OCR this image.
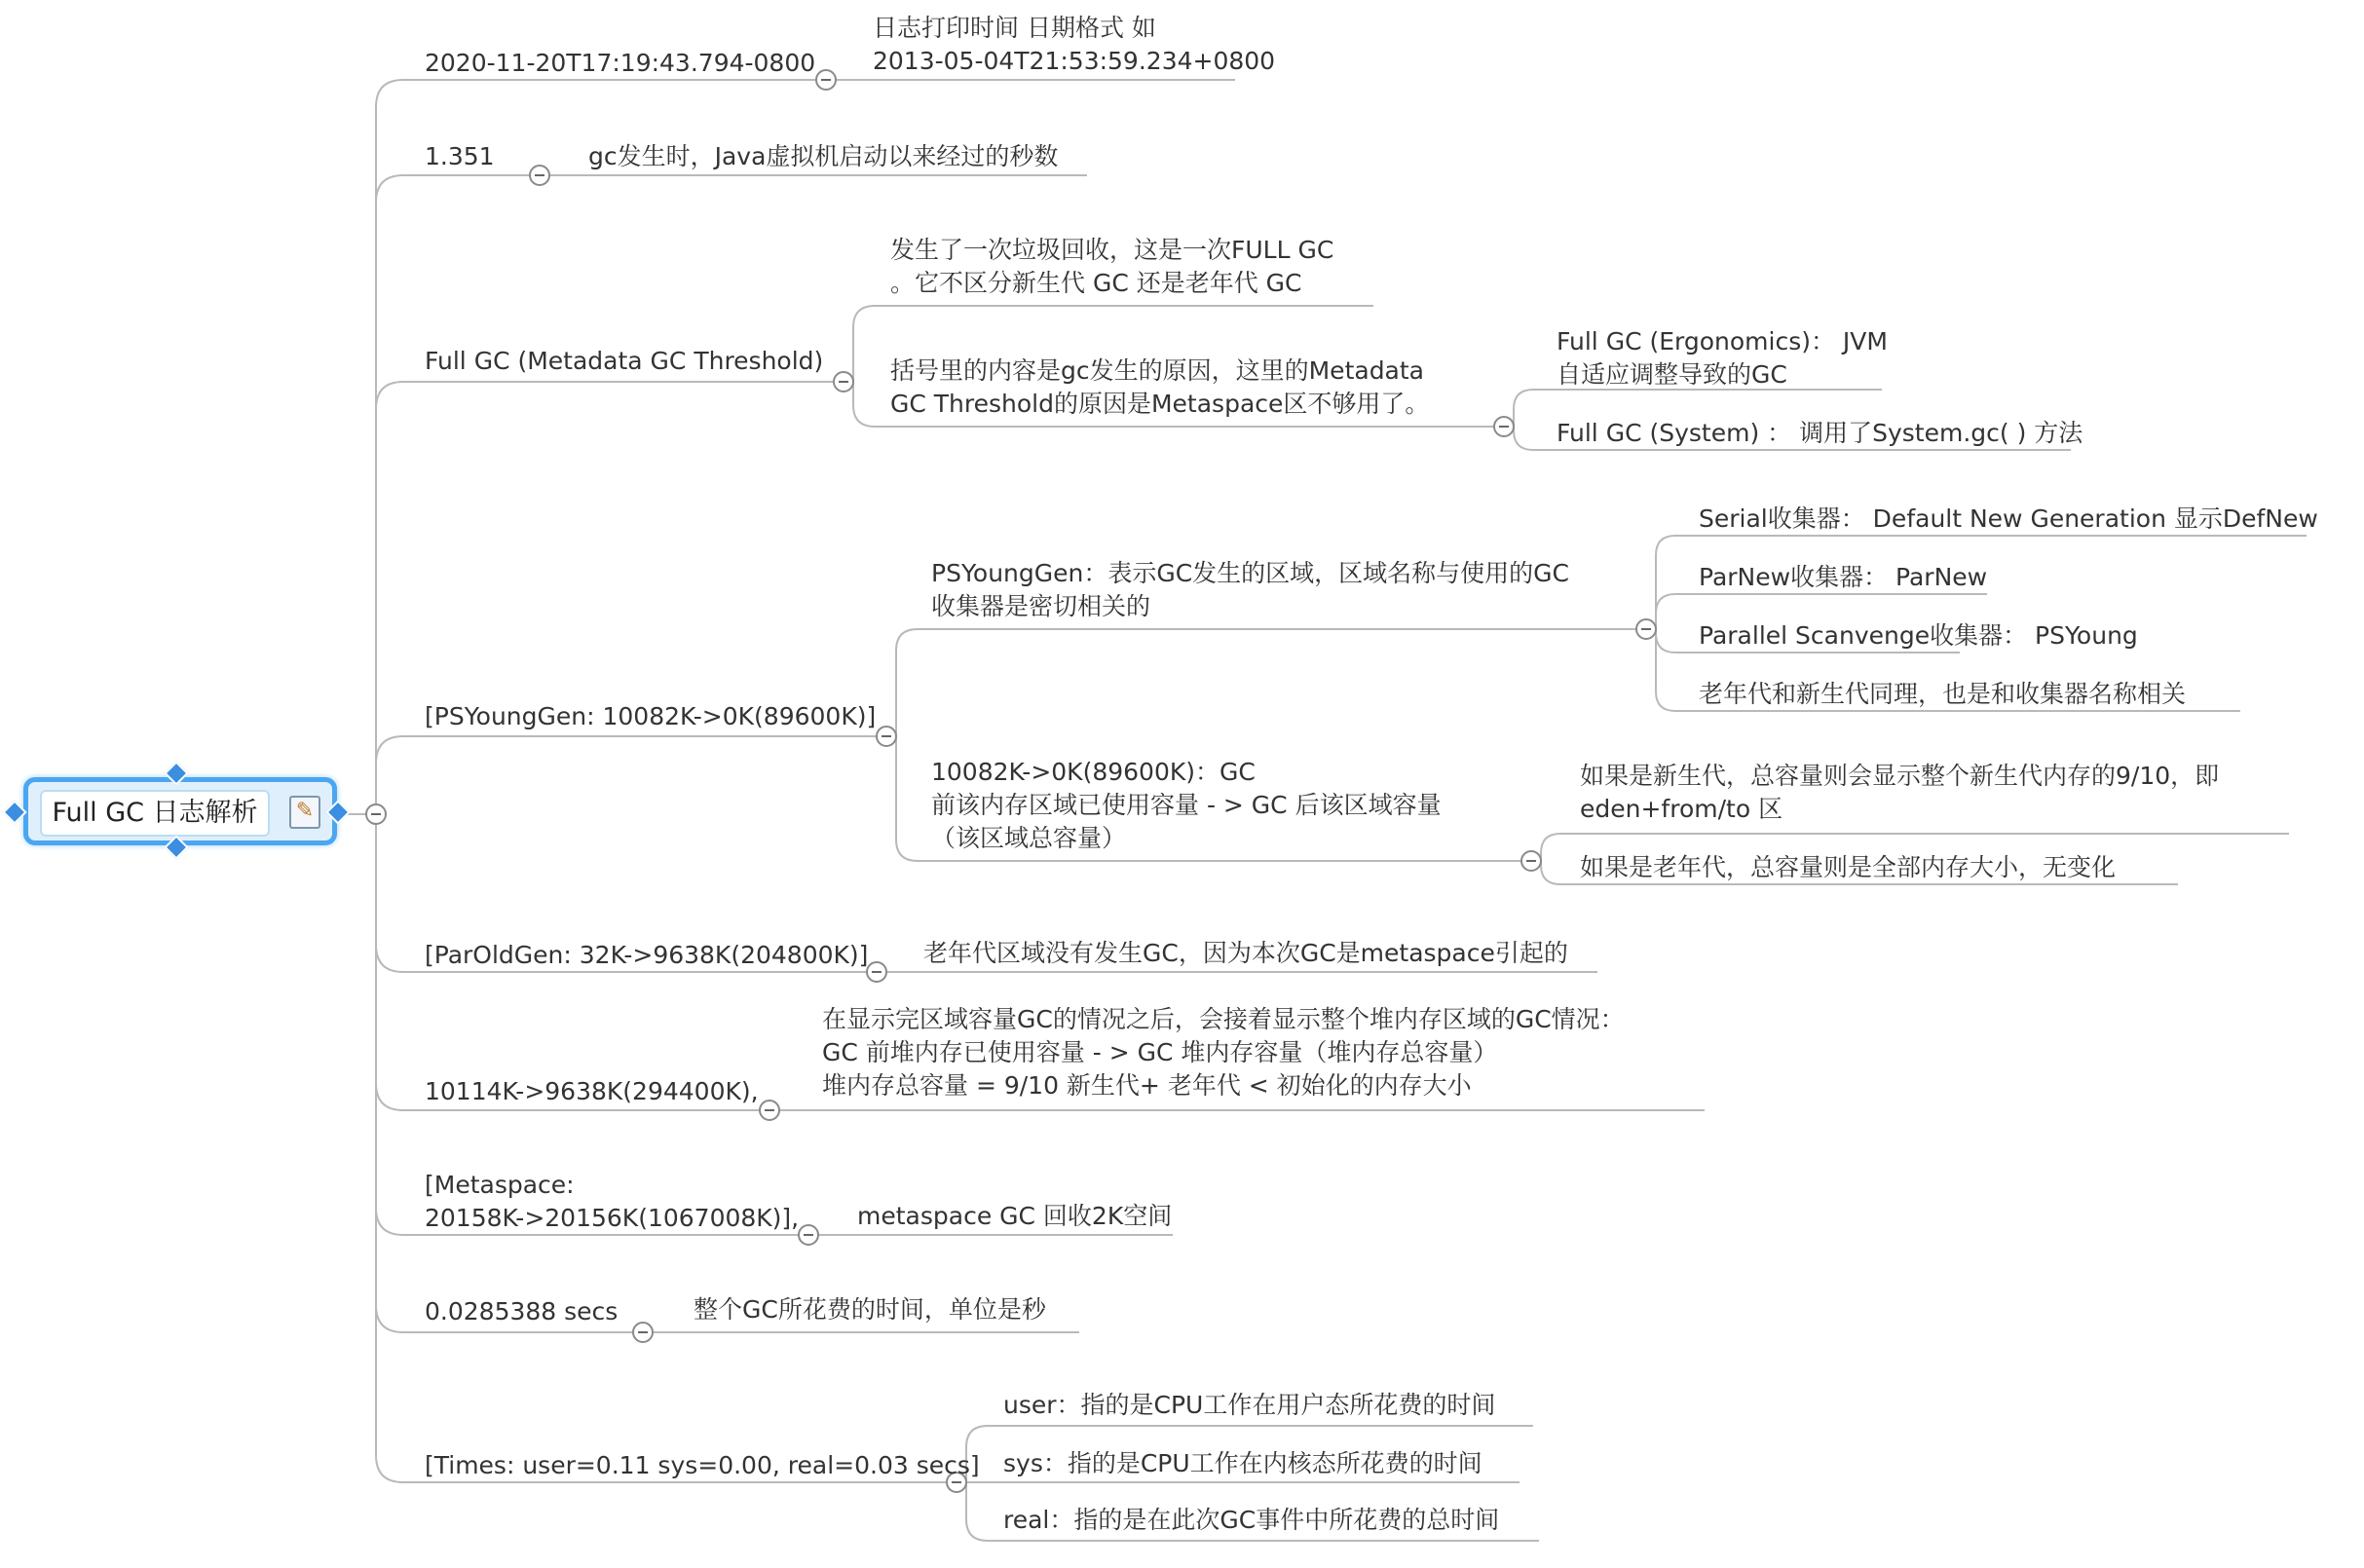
Full GC 日志解析	✎
2020-11-20T17:19:43.794-0800
1.351
Full GC (Metadata GC Threshold)
[PSYoungGen: 10082K->0K(89600K)]
[ParOldGen: 32K->9638K(204800K)]
10114K->9638K(294400K),
[Metaspace:
20158K->20156K(1067008K)],
0.0285388 secs
[Times: user=0.11 sys=0.00, real=0.03 secs]
日志打印时间 日期格式 如
2013-05-04T21:53:59.234+0800
gc发生时，Java虚拟机启动以来经过的秒数
发生了一次垃圾回收，这是一次FULL GC
。它不区分新生代 GC 还是老年代 GC
括号里的内容是gc发生的原因，这里的Metadata
GC Threshold的原因是Metaspace区不够用了。
PSYoungGen：表示GC发生的区域，区域名称与使用的GC
收集器是密切相关的
10082K->0K(89600K)：GC
前该内存区域已使用容量 - > GC 后该区域容量
（该区域总容量）
老年代区域没有发生GC，因为本次GC是metaspace引起的
在显示完区域容量GC的情况之后，会接着显示整个堆内存区域的GC情况：
GC 前堆内存已使用容量 - > GC 堆内存容量（堆内存总容量）
堆内存总容量 = 9/10 新生代+ 老年代 < 初始化的内存大小
metaspace GC 回收2K空间
整个GC所花费的时间，单位是秒
user：指的是CPU工作在用户态所花费的时间
sys：指的是CPU工作在内核态所花费的时间
real：指的是在此次GC事件中所花费的总时间
Full GC (Ergonomics)： JVM
自适应调整导致的GC
Full GC (System) ： 调用了System.gc( ) 方法
Serial收集器： Default New Generation 显示DefNew
ParNew收集器： ParNew
Parallel Scanvenge收集器： PSYoung
老年代和新生代同理，也是和收集器名称相关
如果是新生代，总容量则会显示整个新生代内存的9/10，即
eden+from/to 区
如果是老年代，总容量则是全部内存大小，无变化
